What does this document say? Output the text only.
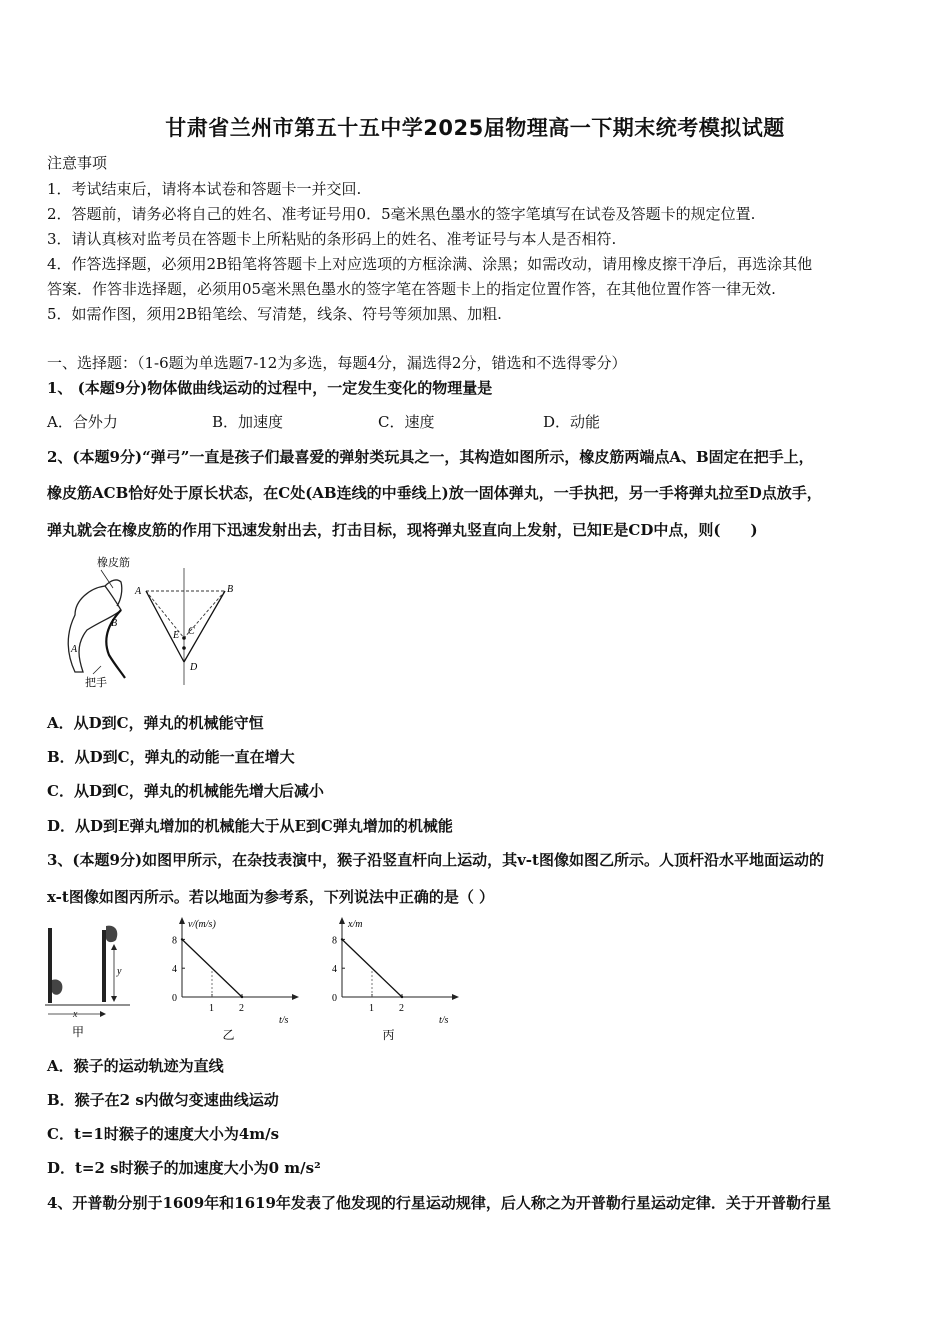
甘肃省兰州市第五十五中学2025届物理高一下期末统考模拟试题
注意事项
1．考试结束后，请将本试卷和答题卡一并交回.
2．答题前，请务必将自己的姓名、准考证号用0．5毫米黑色墨水的签字笔填写在试卷及答题卡的规定位置.
3．请认真核对监考员在答题卡上所粘贴的条形码上的姓名、准考证号与本人是否相符.
4．作答选择题，必须用2B铅笔将答题卡上对应选项的方框涂满、涂黑；如需改动，请用橡皮擦干净后，再选涂其他
答案．作答非选择题，必须用05毫米黑色墨水的签字笔在答题卡上的指定位置作答，在其他位置作答一律无效.
5．如需作图，须用2B铅笔绘、写清楚，线条、符号等须加黑、加粗.
一、选择题：（1-6题为单选题7-12为多选，每题4分，漏选得2分，错选和不选得零分）
1、 (本题9分)物体做曲线运动的过程中，一定发生变化的物理量是
A．合外力	B．加速度	C．速度	D．动能
2、(本题9分)“弹弓”一直是孩子们最喜爱的弹射类玩具之一，其构造如图所示，橡皮筋两端点A、B固定在把手上，
橡皮筋ACB恰好处于原长状态，在C处(AB连线的中垂线上)放一固体弹丸，一手执把，另一手将弹丸拉至D点放手，
弹丸就会在橡皮筋的作用下迅速发射出去，打击目标，现将弹丸竖直向上发射，已知E是CD中点，则(　　)
橡皮筋
A
B
把手
A	B
C
E
D
A．从D到C，弹丸的机械能守恒
B．从D到C，弹丸的动能一直在增大
C．从D到C，弹丸的机械能先增大后减小
D．从D到E弹丸增加的机械能大于从E到C弹丸增加的机械能
3、(本题9分)如图甲所示，在杂技表演中，猴子沿竖直杆向上运动，其v-t图像如图乙所示。人顶杆沿水平地面运动的
x-t图像如图丙所示。若以地面为参考系，下列说法中正确的是（ ）
y
x
甲
v/(m/s)
t/s
8
4
0
1	2
乙
x/m
t/s
8
4
0
1	2
丙
A．猴子的运动轨迹为直线
B．猴子在2 s内做匀变速曲线运动
C．t=1时猴子的速度大小为4m/s
D．t=2 s时猴子的加速度大小为0 m/s²
4、开普勒分别于1609年和1619年发表了他发现的行星运动规律，后人称之为开普勒行星运动定律．关于开普勒行星
